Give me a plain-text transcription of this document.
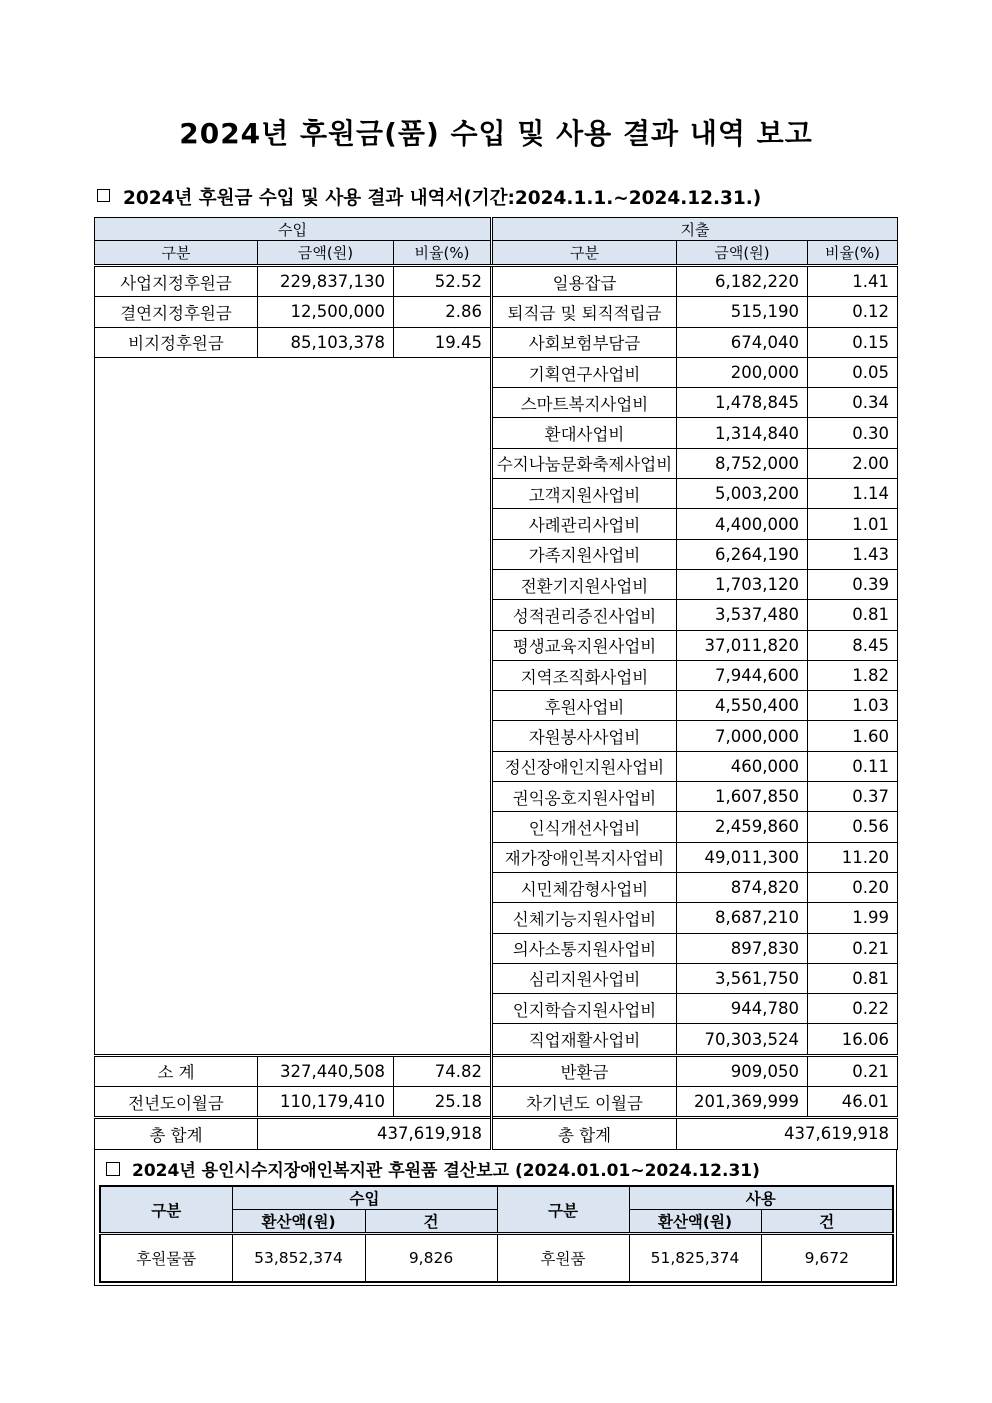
2024년 후원금(품) 수입 및 사용 결과 내역 보고
2024년 후원금 수입 및 사용 결과 내역서(기간:2024.1.1.~2024.12.31.)
수입			지출		
구분	금액(원)	비율(%)	구분	금액(원)	비율(%)
사업지정후원금	229,837,130	52.52	일용잡급	6,182,220	1.41
결연지정후원금	12,500,000	2.86	퇴직금 및 퇴직적립금	515,190	0.12
비지정후원금	85,103,378	19.45	사회보험부담금	674,040	0.15
			기획연구사업비	200,000	0.05
			스마트복지사업비	1,478,845	0.34
			환대사업비	1,314,840	0.30
			수지나눔문화축제사업비	8,752,000	2.00
			고객지원사업비	5,003,200	1.14
			사례관리사업비	4,400,000	1.01
			가족지원사업비	6,264,190	1.43
			전환기지원사업비	1,703,120	0.39
			성적권리증진사업비	3,537,480	0.81
			평생교육지원사업비	37,011,820	8.45
			지역조직화사업비	7,944,600	1.82
			후원사업비	4,550,400	1.03
			자원봉사사업비	7,000,000	1.60
			정신장애인지원사업비	460,000	0.11
			권익옹호지원사업비	1,607,850	0.37
			인식개선사업비	2,459,860	0.56
			재가장애인복지사업비	49,011,300	11.20
			시민체감형사업비	874,820	0.20
			신체기능지원사업비	8,687,210	1.99
			의사소통지원사업비	897,830	0.21
			심리지원사업비	3,561,750	0.81
			인지학습지원사업비	944,780	0.22
			직업재활사업비	70,303,524	16.06
소 계	327,440,508	74.82	반환금	909,050	0.21
전년도이월금	110,179,410	25.18	차기년도 이월금	201,369,999	46.01
총 합계	437,619,918		총 합계	437,619,918	
2024년 용인시수지장애인복지관 후원품 결산보고 (2024.01.01~2024.12.31)
구분	수입		구분	사용	
	환산액(원)	건		환산액(원)	건
후원물품	53,852,374	9,826	후원품	51,825,374	9,672
